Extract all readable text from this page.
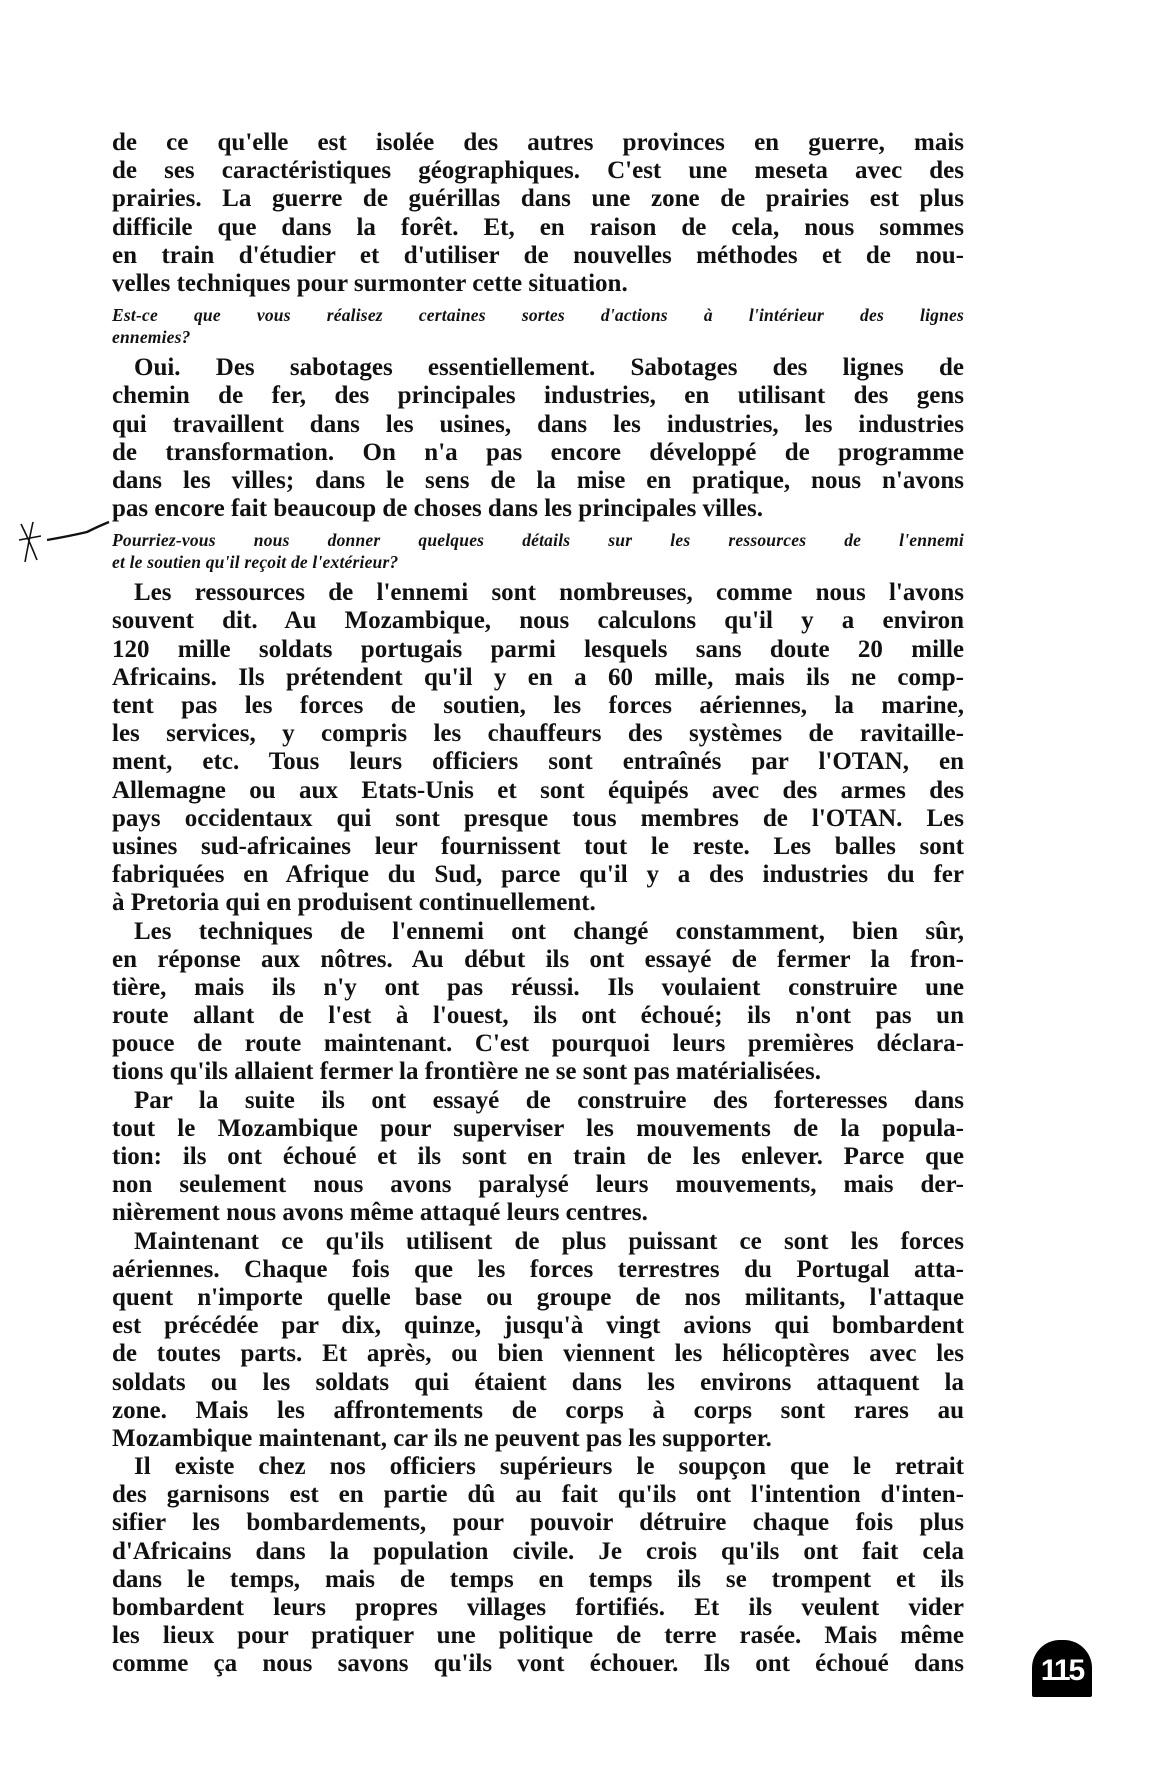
de ce qu'elle est isolée des autres provinces en guerre, mais
de ses caractéristiques géographiques. C'est une meseta avec des
prairies. La guerre de guérillas dans une zone de prairies est plus
difficile que dans la forêt. Et, en raison de cela, nous sommes
en train d'étudier et d'utiliser de nouvelles méthodes et de nou-
velles techniques pour surmonter cette situation.
Est-ce que vous réalisez certaines sortes d'actions à l'intérieur des lignes
ennemies?
Oui. Des sabotages essentiellement. Sabotages des lignes de
chemin de fer, des principales industries, en utilisant des gens
qui travaillent dans les usines, dans les industries, les industries
de transformation. On n'a pas encore développé de programme
dans les villes; dans le sens de la mise en pratique, nous n'avons
pas encore fait beaucoup de choses dans les principales villes.
Pourriez-vous nous donner quelques détails sur les ressources de l'ennemi
et le soutien qu'il reçoit de l'extérieur?
Les ressources de l'ennemi sont nombreuses, comme nous l'avons
souvent dit. Au Mozambique, nous calculons qu'il y a environ
120 mille soldats portugais parmi lesquels sans doute 20 mille
Africains. Ils prétendent qu'il y en a 60 mille, mais ils ne comp-
tent pas les forces de soutien, les forces aériennes, la marine,
les services, y compris les chauffeurs des systèmes de ravitaille-
ment, etc. Tous leurs officiers sont entraînés par l'OTAN, en
Allemagne ou aux Etats-Unis et sont équipés avec des armes des
pays occidentaux qui sont presque tous membres de l'OTAN. Les
usines sud-africaines leur fournissent tout le reste. Les balles sont
fabriquées en Afrique du Sud, parce qu'il y a des industries du fer
à Pretoria qui en produisent continuellement.
Les techniques de l'ennemi ont changé constamment, bien sûr,
en réponse aux nôtres. Au début ils ont essayé de fermer la fron-
tière, mais ils n'y ont pas réussi. Ils voulaient construire une
route allant de l'est à l'ouest, ils ont échoué; ils n'ont pas un
pouce de route maintenant. C'est pourquoi leurs premières déclara-
tions qu'ils allaient fermer la frontière ne se sont pas matérialisées.
Par la suite ils ont essayé de construire des forteresses dans
tout le Mozambique pour superviser les mouvements de la popula-
tion: ils ont échoué et ils sont en train de les enlever. Parce que
non seulement nous avons paralysé leurs mouvements, mais der-
nièrement nous avons même attaqué leurs centres.
Maintenant ce qu'ils utilisent de plus puissant ce sont les forces
aériennes. Chaque fois que les forces terrestres du Portugal atta-
quent n'importe quelle base ou groupe de nos militants, l'attaque
est précédée par dix, quinze, jusqu'à vingt avions qui bombardent
de toutes parts. Et après, ou bien viennent les hélicoptères avec les
soldats ou les soldats qui étaient dans les environs attaquent la
zone. Mais les affrontements de corps à corps sont rares au
Mozambique maintenant, car ils ne peuvent pas les supporter.
Il existe chez nos officiers supérieurs le soupçon que le retrait
des garnisons est en partie dû au fait qu'ils ont l'intention d'inten-
sifier les bombardements, pour pouvoir détruire chaque fois plus
d'Africains dans la population civile. Je crois qu'ils ont fait cela
dans le temps, mais de temps en temps ils se trompent et ils
bombardent leurs propres villages fortifiés. Et ils veulent vider
les lieux pour pratiquer une politique de terre rasée. Mais même
comme ça nous savons qu'ils vont échouer. Ils ont échoué dans	115
